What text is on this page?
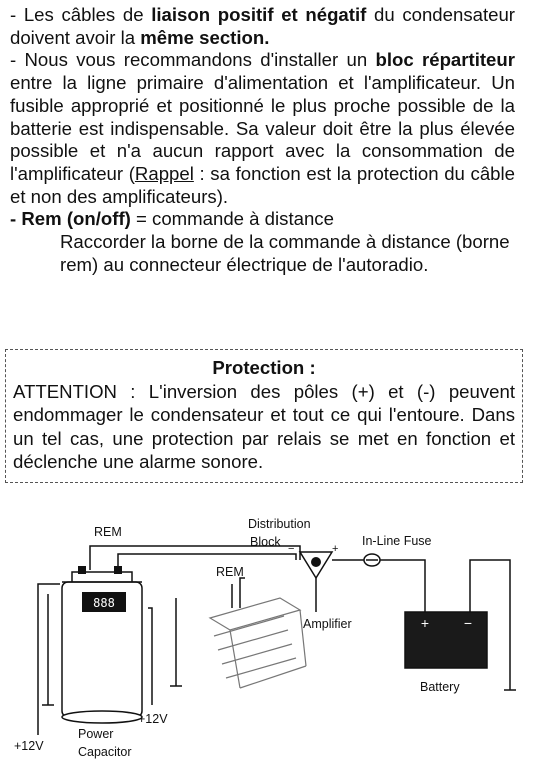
- Les câbles de liaison positif et négatif du condensateur doivent avoir la même section.

- Nous vous recommandons d'installer un bloc répartiteur entre la ligne primaire d'alimentation et l'amplificateur. Un fusible approprié et positionné le plus proche possible de la batterie est indispensable. Sa valeur doit être la plus élevée possible et n'a aucun rapport avec la consommation de l'amplificateur (Rappel : sa fonction est la protection du câble et non des amplificateurs).

- Rem (on/off) = commande à distance

Raccorder la borne de la commande à distance (borne rem) au connecteur électrique de l'autoradio.

Protection :

ATTENTION : L'inversion des pôles (+) et (-) peuvent endommager le condensateur et tout ce qui l'entoure. Dans un tel cas, une protection par relais se met en fonction et déclenche une alarme sonore.

888
+ −
REM
Distribution
Block −	+
In-Line Fuse
REM
Amplifier
Battery
+12V
+12V
Power
Capacitor
